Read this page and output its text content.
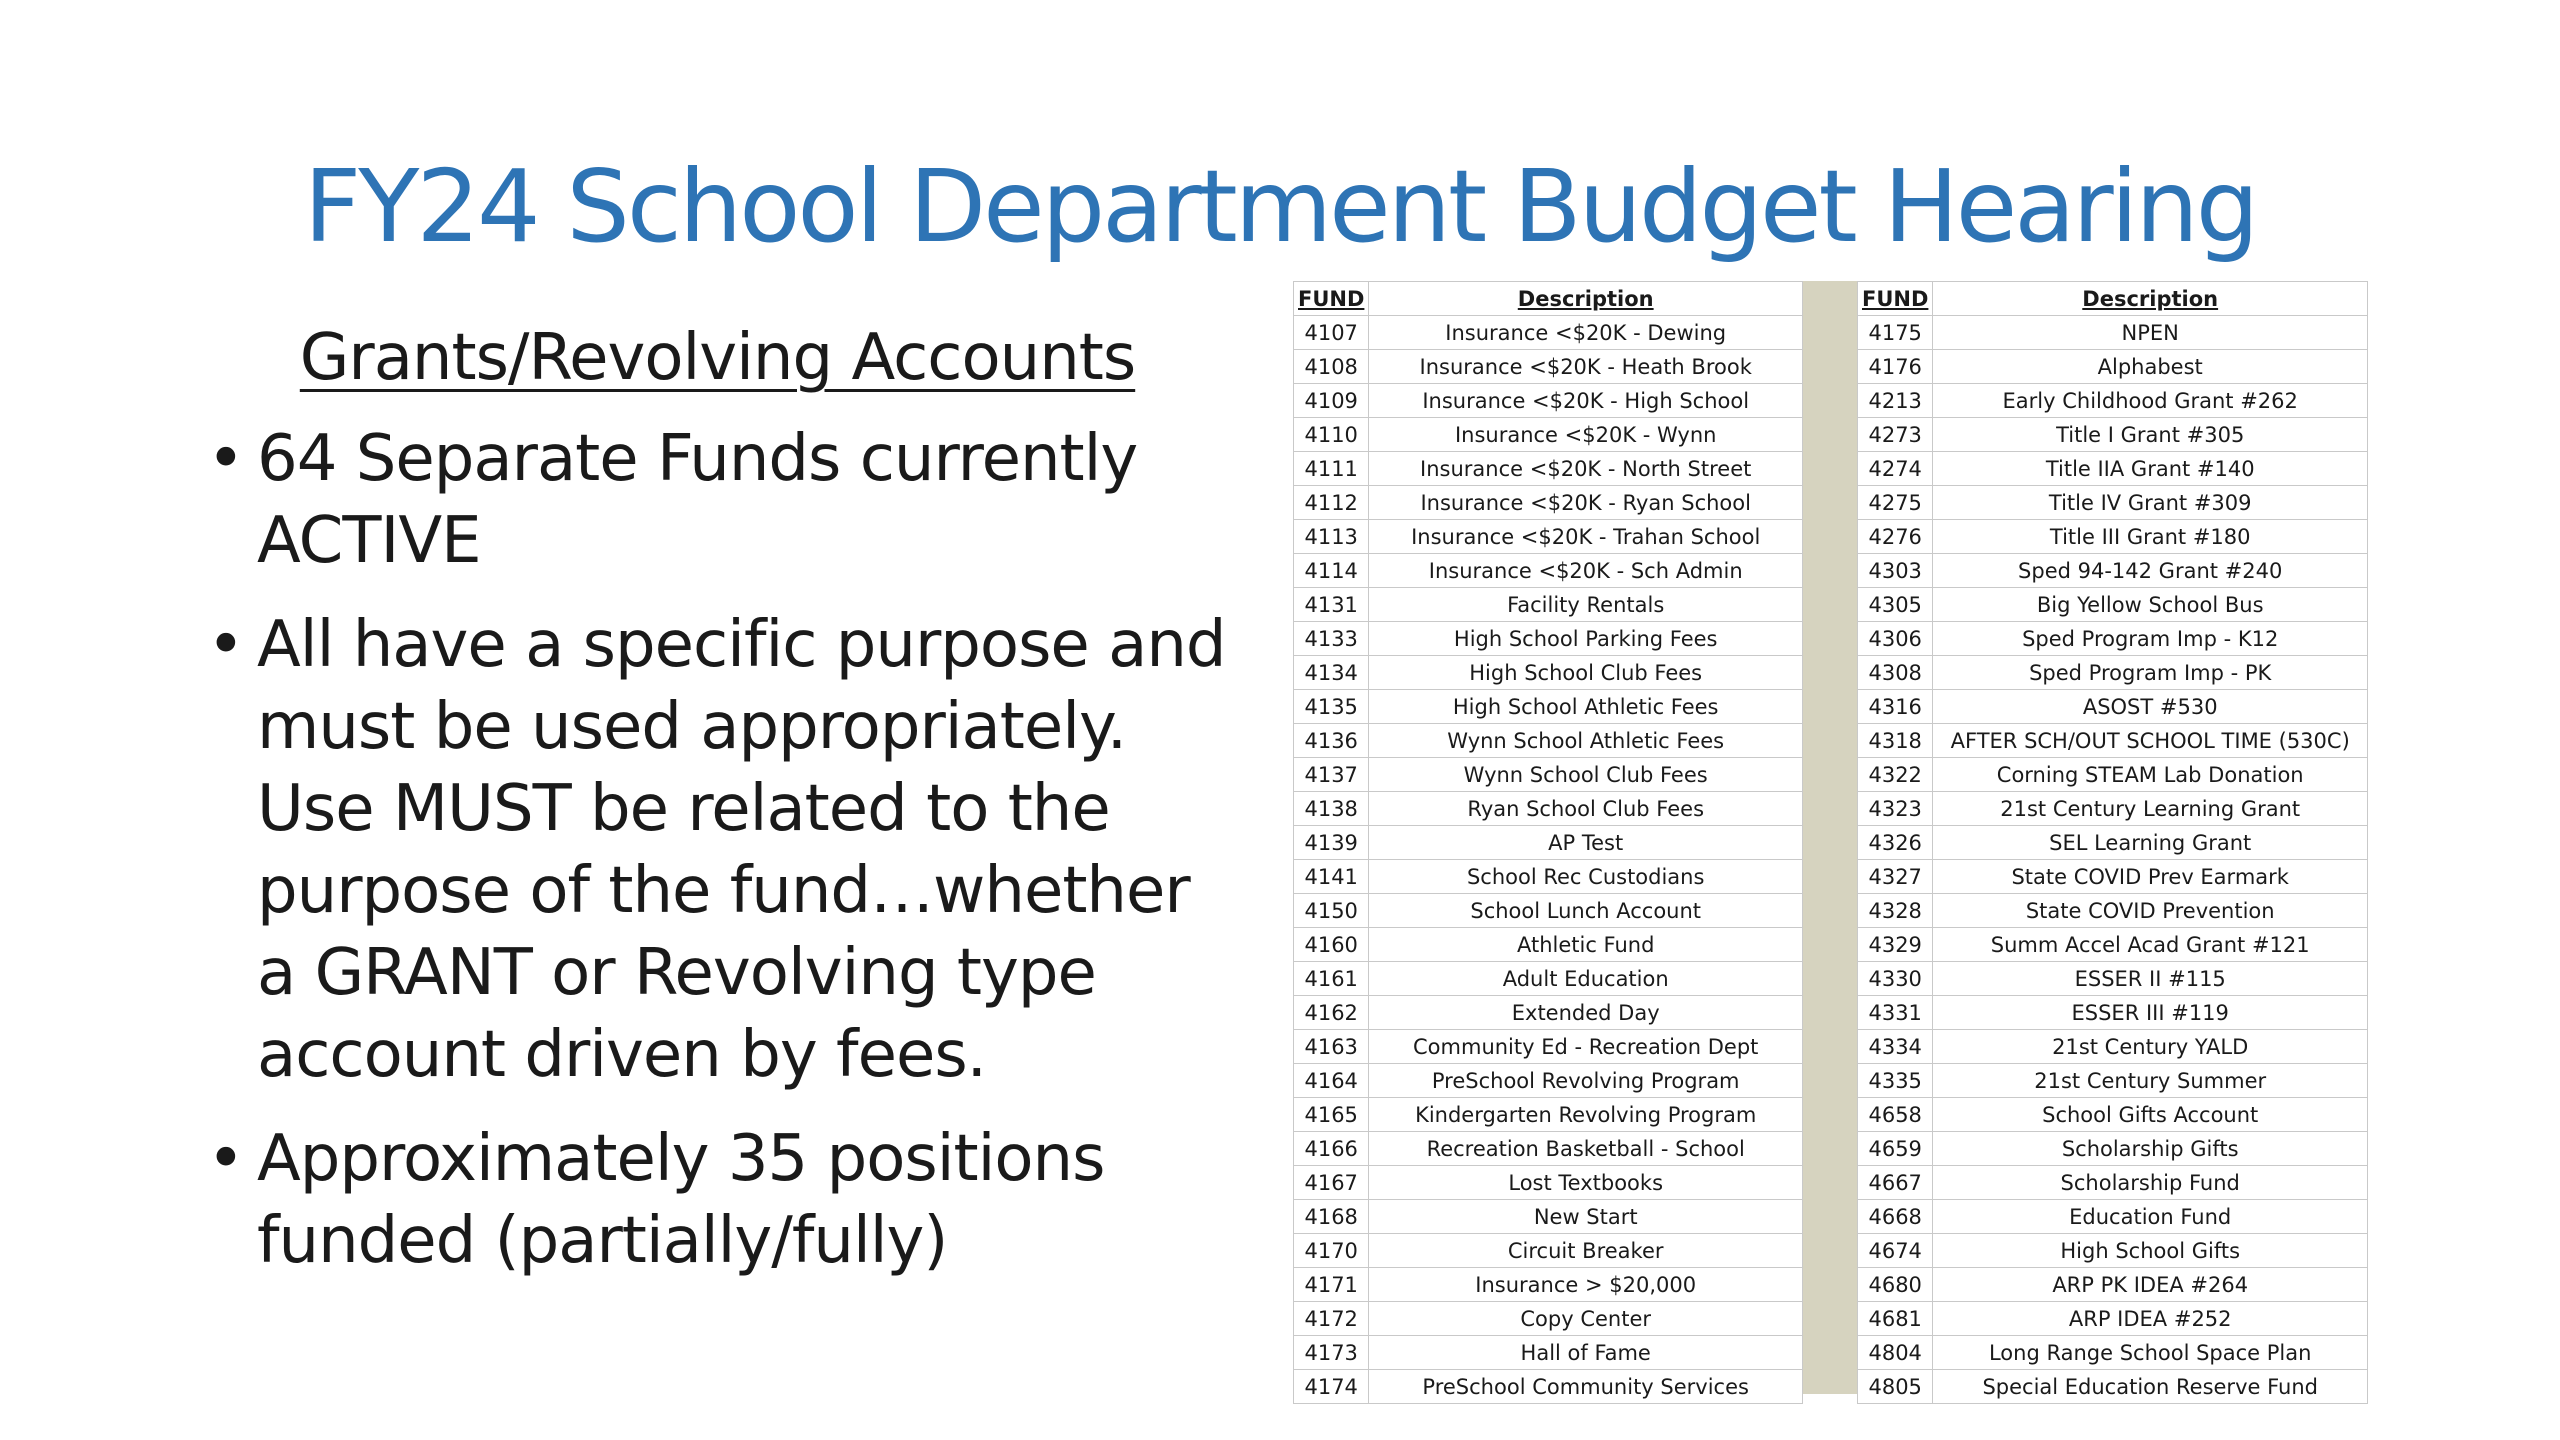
FY24 School Department Budget Hearing
Grants/Revolving Accounts
• 64 Separate Funds currently ACTIVE
• All have a specific purpose and must be used appropriately. Use MUST be related to the purpose of the fund…whether a GRANT or Revolving type account driven by fees.
• Approximately 35 positions funded (partially/fully)
FUND	Description
4107	Insurance <$20K - Dewing
4108	Insurance <$20K - Heath Brook
4109	Insurance <$20K - High School
4110	Insurance <$20K - Wynn
4111	Insurance <$20K - North Street
4112	Insurance <$20K - Ryan School
4113	Insurance <$20K - Trahan School
4114	Insurance <$20K - Sch Admin
4131	Facility Rentals
4133	High School Parking Fees
4134	High School Club Fees
4135	High School Athletic Fees
4136	Wynn School Athletic Fees
4137	Wynn School Club Fees
4138	Ryan School Club Fees
4139	AP Test
4141	School Rec Custodians
4150	School Lunch Account
4160	Athletic Fund
4161	Adult Education
4162	Extended Day
4163	Community Ed - Recreation Dept
4164	PreSchool Revolving Program
4165	Kindergarten Revolving Program
4166	Recreation Basketball - School
4167	Lost Textbooks
4168	New Start
4170	Circuit Breaker
4171	Insurance > $20,000
4172	Copy Center
4173	Hall of Fame
4174	PreSchool Community Services
FUND	Description
4175	NPEN
4176	Alphabest
4213	Early Childhood Grant #262
4273	Title I Grant #305
4274	Title IIA Grant #140
4275	Title IV Grant #309
4276	Title III Grant #180
4303	Sped 94-142 Grant #240
4305	Big Yellow School Bus
4306	Sped Program Imp - K12
4308	Sped Program Imp - PK
4316	ASOST #530
4318	AFTER SCH/OUT SCHOOL TIME (530C)
4322	Corning STEAM Lab Donation
4323	21st Century Learning Grant
4326	SEL Learning Grant
4327	State COVID Prev Earmark
4328	State COVID Prevention
4329	Summ Accel Acad Grant #121
4330	ESSER II #115
4331	ESSER III #119
4334	21st Century YALD
4335	21st Century Summer
4658	School Gifts Account
4659	Scholarship Gifts
4667	Scholarship Fund
4668	Education Fund
4674	High School Gifts
4680	ARP PK IDEA #264
4681	ARP IDEA #252
4804	Long Range School Space Plan
4805	Special Education Reserve Fund
